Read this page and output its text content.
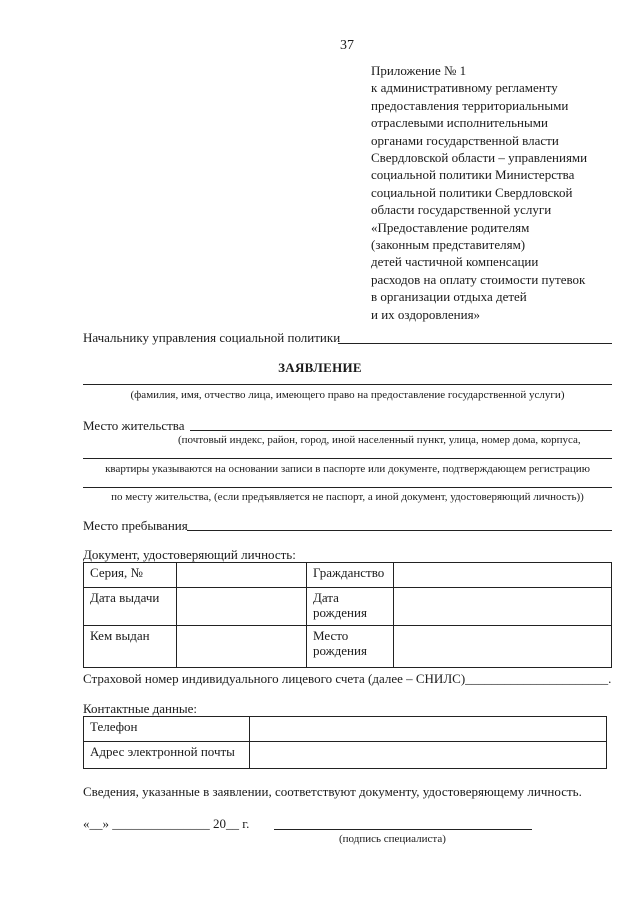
37
Приложение № 1
к административному регламенту
предоставления территориальными
отраслевыми исполнительными
органами государственной власти
Свердловской области – управлениями
социальной политики Министерства
социальной политики Свердловской
области государственной услуги
«Предоставление родителям
(законным представителям)
детей частичной компенсации
расходов на оплату стоимости путевок
в организации отдыха детей
и их оздоровления»
Начальнику управления социальной политики
ЗАЯВЛЕНИЕ
(фамилия, имя, отчество лица, имеющего право на предоставление государственной услуги)
Место жительства
(почтовый индекс, район, город, иной населенный пункт, улица, номер дома, корпуса,
квартиры указываются на основании записи в паспорте или документе, подтверждающем регистрацию
по месту жительства, (если предъявляется не паспорт, а иной документ, удостоверяющий личность))
Место пребывания
Документ, удостоверяющий личность:
Серия, №		Гражданство	
Дата выдачи		Дата
рождения	

Кем выдан		Место
рождения	

Страховой номер индивидуального лицевого счета (далее – СНИЛС)______________________.
Контактные данные:
Телефон	
Адрес электронной почты	
Сведения, указанные в заявлении, соответствуют документу, удостоверяющему личность.
«__» _______________ 20__ г.
(подпись специалиста)
